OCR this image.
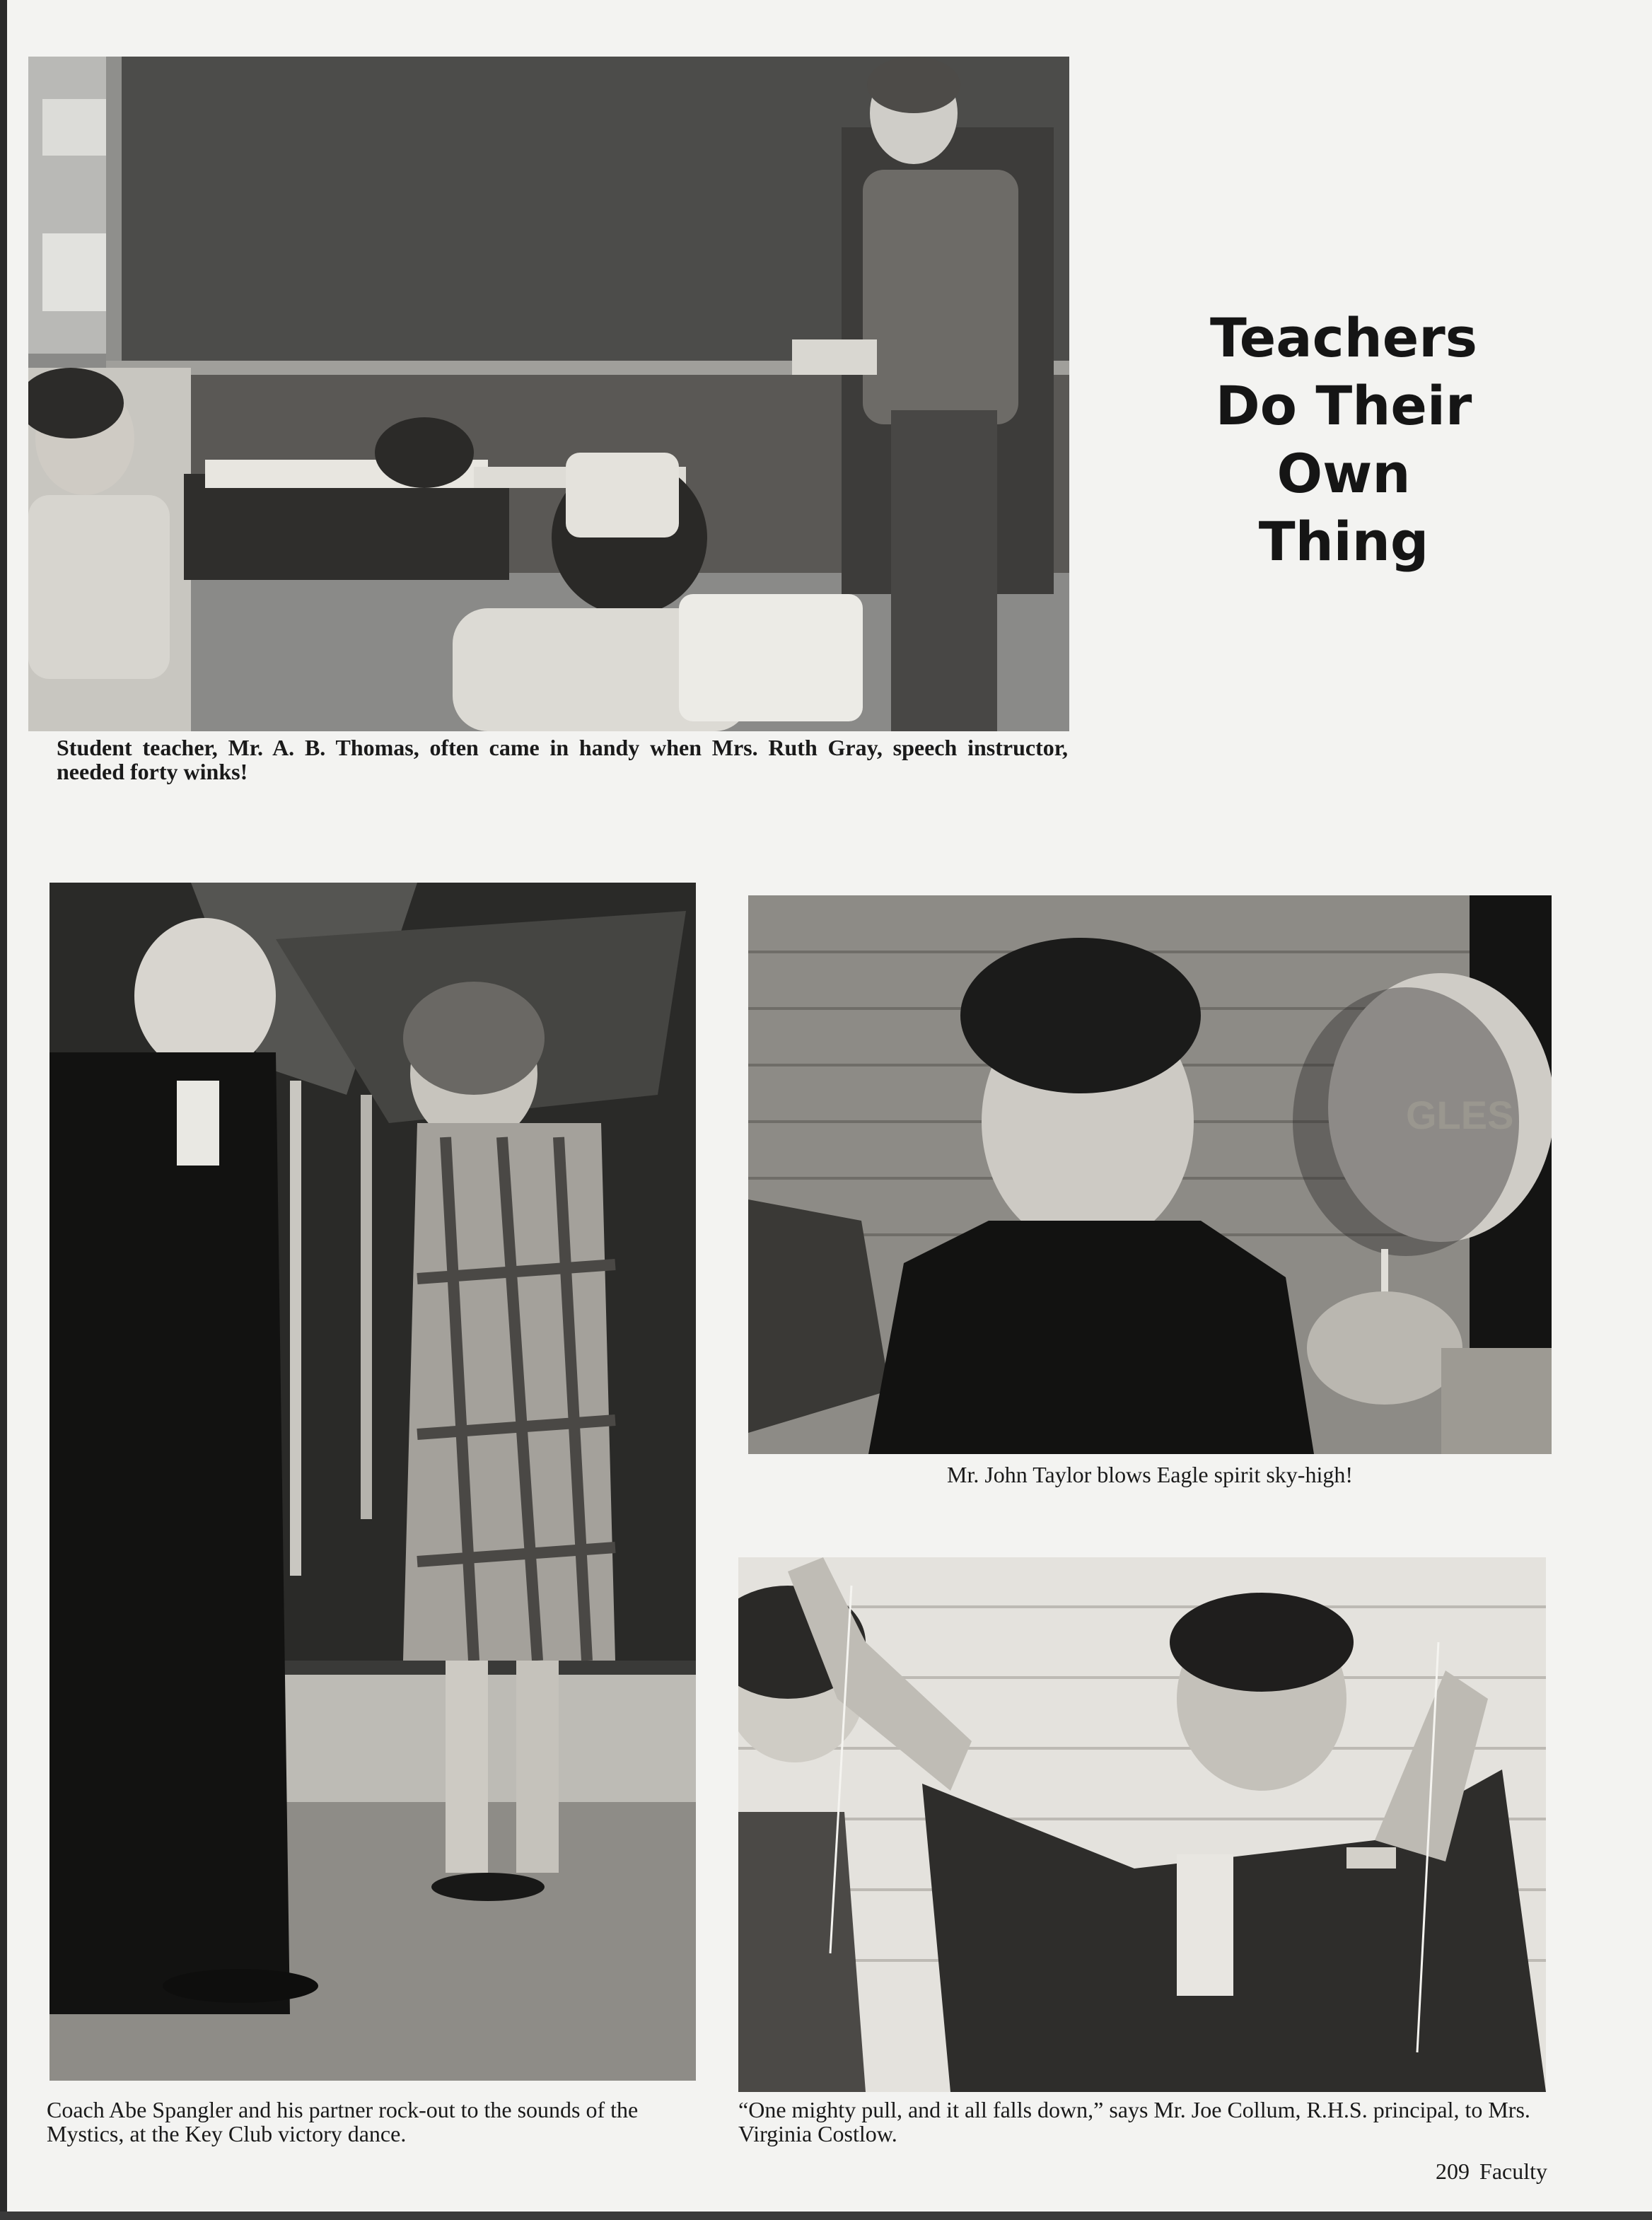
Teachers
Do Their
Own
Thing
Student teacher, Mr. A. B. Thomas, often came in handy when Mrs. Ruth Gray, speech instructor, needed forty winks!
Coach Abe Spangler and his partner rock-out to the sounds of the Mystics, at the Key Club victory dance.
GLES
Mr. John Taylor blows Eagle spirit sky-high!
“One mighty pull, and it all falls down,” says Mr. Joe Collum, R.H.S. principal, to Mrs. Virginia Costlow.
209 Faculty
